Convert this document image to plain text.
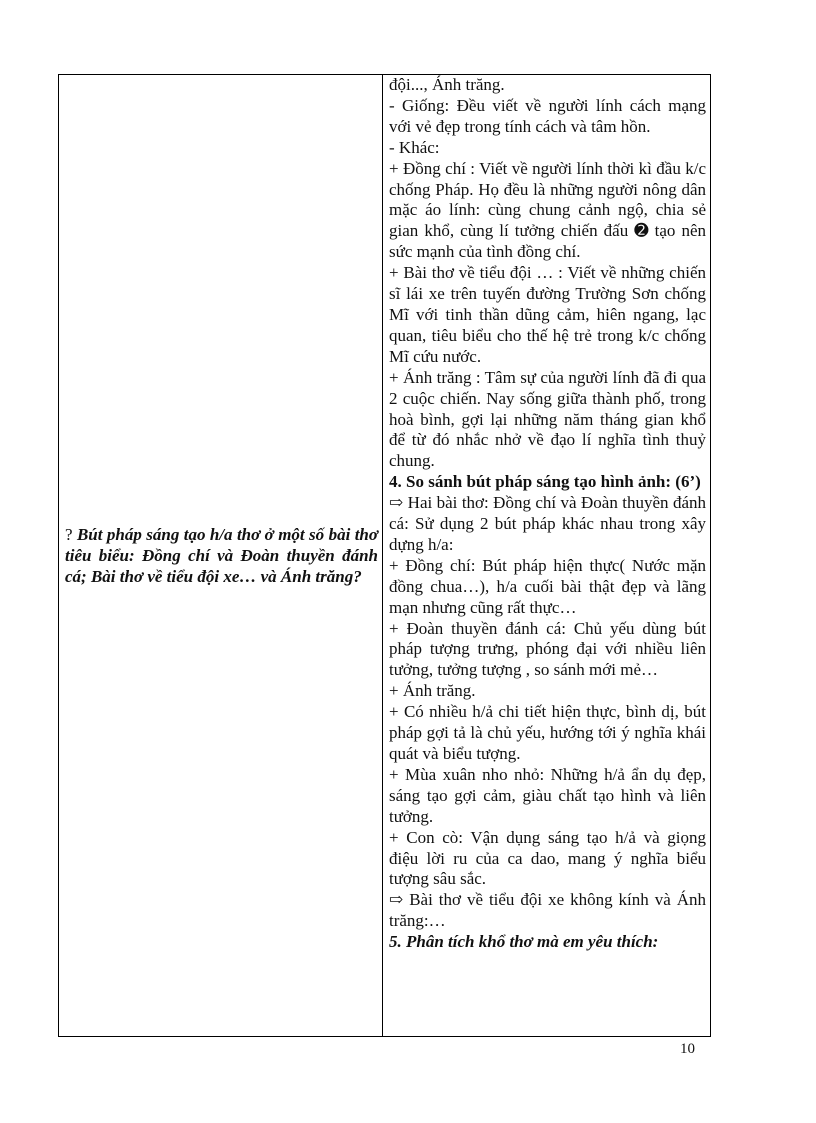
? Bút pháp sáng tạo h/a thơ ở một số bài thơ tiêu biểu: Đồng chí và Đoàn thuyền đánh cá; Bài thơ về tiểu đội xe… và Ánh trăng?

đội..., Ánh trăng.

- Giống: Đều viết về người lính cách mạng với vẻ đẹp trong tính cách và tâm hồn.

- Khác:

+ Đồng chí : Viết về người lính thời kì đầu k/c chống Pháp. Họ đều là những người nông dân mặc áo lính: cùng chung cảnh ngộ, chia sẻ gian khổ, cùng lí tưởng chiến đấu ➋ tạo nên sức mạnh của tình đồng chí.

+ Bài thơ về tiểu đội … : Viết về những chiến sĩ lái xe trên tuyến đường Trường Sơn chống Mĩ với tinh thần dũng cảm, hiên ngang, lạc quan, tiêu biểu cho thế hệ trẻ trong k/c chống Mĩ cứu nước.

+ Ánh trăng : Tâm sự của người lính đã đi qua 2 cuộc chiến. Nay sống giữa thành phố, trong hoà bình, gợi lại những năm tháng gian khổ để từ đó nhắc nhở về đạo lí nghĩa tình thuỷ chung.

4. So sánh bút pháp sáng tạo hình ảnh: (6’)

⇨ Hai bài thơ: Đồng chí và Đoàn thuyền đánh cá: Sử dụng 2 bút pháp khác nhau trong xây dựng h/a:

+ Đồng chí: Bút pháp hiện thực( Nước mặn đồng chua…), h/a cuối bài thật đẹp và lãng mạn nhưng cũng rất thực…

+ Đoàn thuyền đánh cá: Chủ yếu dùng bút pháp tượng trưng, phóng đại với nhiều liên tưởng, tưởng tượng , so sánh mới mẻ…

+ Ánh trăng.

+ Có nhiều h/ả chi tiết hiện thực, bình dị, bút pháp gợi tả là chủ yếu, hướng tới ý nghĩa khái quát và biểu tượng.

+ Mùa xuân nho nhỏ: Những h/ả ẩn dụ đẹp, sáng tạo gợi cảm, giàu chất tạo hình và liên tưởng.

+ Con cò: Vận dụng sáng tạo h/ả và giọng điệu lời ru của ca dao, mang ý nghĩa biểu tượng sâu sắc.

⇨ Bài thơ về tiểu đội xe không kính và Ánh trăng:…

5. Phân tích khổ thơ mà em yêu thích:

10
